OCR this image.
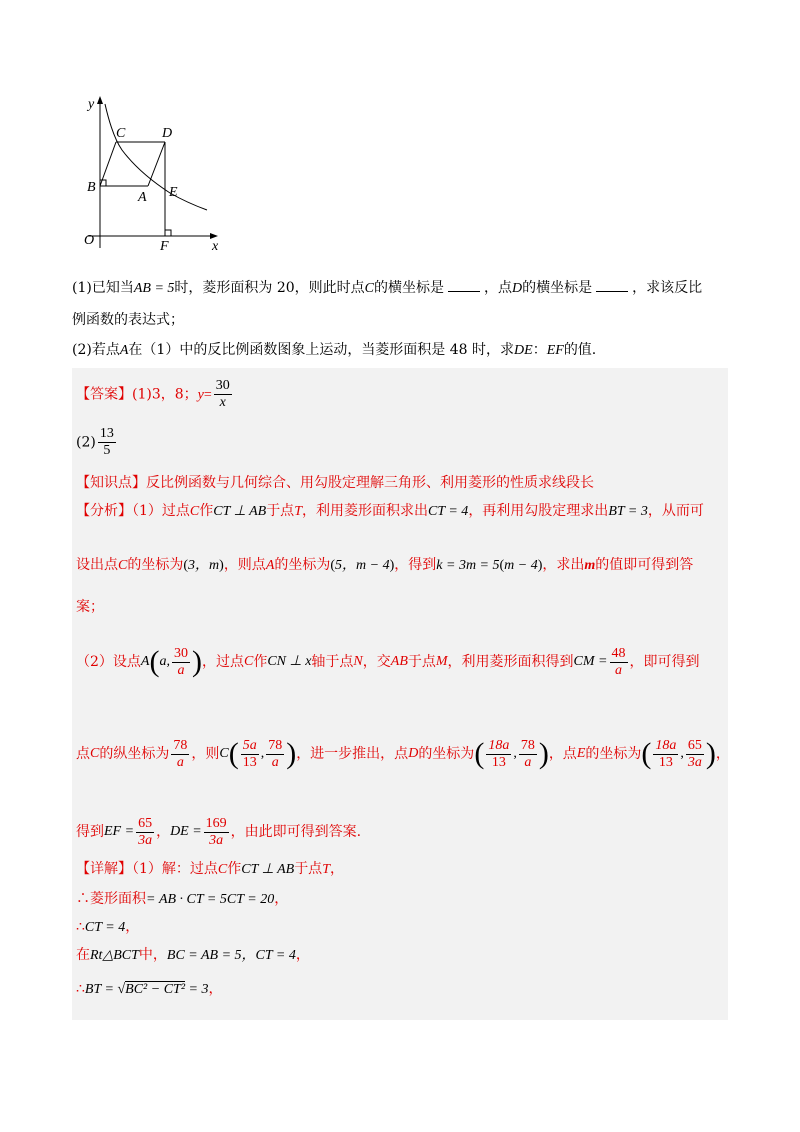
y
C	D
B
A E
O	F	x
(1)已知当AB = 5时，菱形面积为 20，则此时点C的横坐标是	，点D的横坐标是	，求该反比
例函数的表达式；
(2)若点A在（1）中的反比例函数图象上运动，当菱形面积是 48 时，求DE：EF的值.
【答案】(1)3，8；$y= \frac{30}{x}$
$(2) \frac{13}{5}$
【知识点】反比例函数与几何综合、用勾股定理解三角形、利用菱形的性质求线段长
【分析】（1）过点C作CT ⊥ AB于点T，利用菱形面积求出CT = 4，再利用勾股定理求出BT = 3，从而可
设出点C的坐标为(3，m)，则点A的坐标为(5，m − 4)，得到k = 3m = 5(m − 4)，求出m的值即可得到答
案；
（2）设点 A ( a, $\frac{30}{a}$ ) ，过点 C 作 CN ⊥ x 轴于点 N ，交 AB 于点 M ，利用菱形面积得到 CM = $\frac{48}{a}$ ，即可得到
点 C 的纵坐标为 $\frac{78}{a}$ ，则 C ( $\frac{5a}{13}$ , $\frac{78}{a}$ ) ，进一步推出，点 D 的坐标为 ( $\frac{18a}{13}$ , $\frac{78}{a}$ ) ，点 E 的坐标为 ( $\frac{18a}{13}$ , $\frac{65}{3a}$ ) ，
得到 EF = $\frac{65}{3a}$ ， DE = $\frac{169}{3a}$ ，由此即可得到答案.
【详解】（1）解：过点C作CT ⊥ AB于点T，
∴菱形面积= AB · CT = 5CT = 20，
∴CT = 4，
在Rt△BCT中，BC = AB = 5，CT = 4，
∴BT = √BC² − CT² = 3，
